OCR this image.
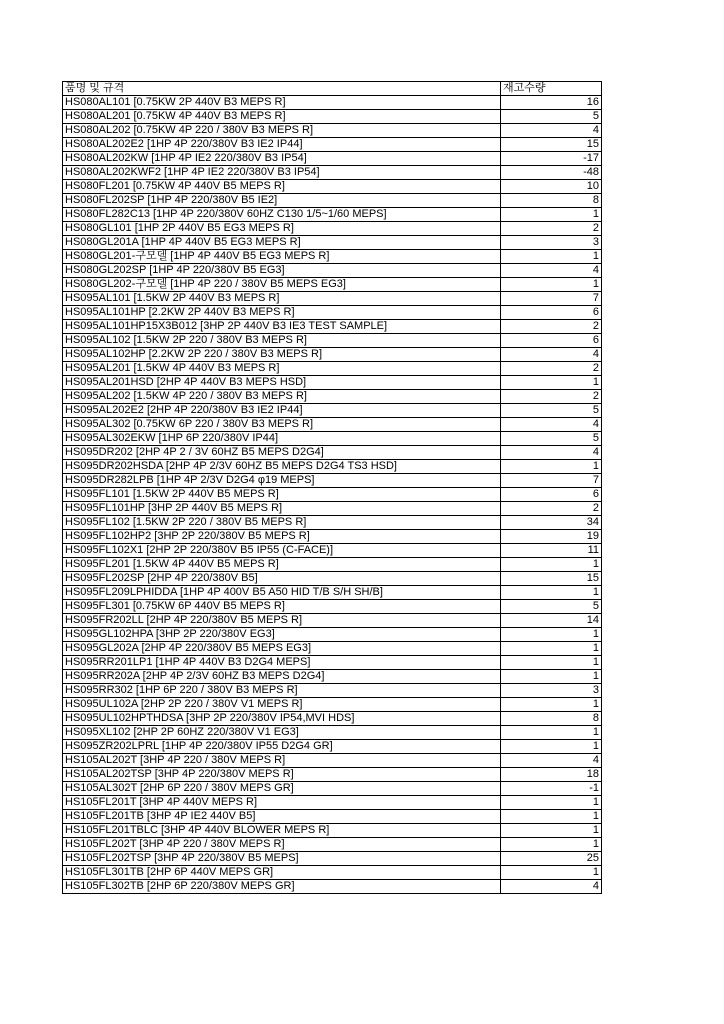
품명 및 규격	재고수량
HS080AL101 [0.75KW 2P 440V B3 MEPS R]	16
HS080AL201 [0.75KW 4P 440V B3 MEPS R]	5
HS080AL202 [0.75KW 4P 220 / 380V B3 MEPS R]	4
HS080AL202E2 [1HP 4P 220/380V B3 IE2 IP44]	15
HS080AL202KW [1HP 4P IE2 220/380V B3 IP54]	-17
HS080AL202KWF2 [1HP 4P IE2 220/380V B3 IP54]	-48
HS080FL201 [0.75KW 4P 440V B5 MEPS R]	10
HS080FL202SP [1HP 4P 220/380V B5 IE2]	8
HS080FL282C13 [1HP 4P 220/380V 60HZ C130 1/5~1/60 MEPS]	1
HS080GL101 [1HP 2P 440V B5 EG3 MEPS R]	2
HS080GL201A [1HP 4P 440V B5 EG3 MEPS R]	3
HS080GL201-구모델 [1HP 4P 440V B5 EG3 MEPS R]	1
HS080GL202SP [1HP 4P 220/380V B5 EG3]	4
HS080GL202-구모델 [1HP 4P 220 / 380V B5 MEPS EG3]	1
HS095AL101 [1.5KW 2P 440V B3 MEPS R]	7
HS095AL101HP [2.2KW 2P 440V B3 MEPS R]	6
HS095AL101HP15X3B012 [3HP 2P 440V B3 IE3 TEST SAMPLE]	2
HS095AL102 [1.5KW 2P 220 / 380V B3 MEPS R]	6
HS095AL102HP [2.2KW 2P 220 / 380V B3 MEPS R]	4
HS095AL201 [1.5KW 4P 440V B3 MEPS R]	2
HS095AL201HSD [2HP 4P 440V B3 MEPS HSD]	1
HS095AL202 [1.5KW 4P 220 / 380V B3 MEPS R]	2
HS095AL202E2 [2HP 4P 220/380V B3 IE2 IP44]	5
HS095AL302 [0.75KW 6P 220 / 380V B3 MEPS R]	4
HS095AL302EKW [1HP 6P 220/380V IP44]	5
HS095DR202 [2HP 4P 2 / 3V 60HZ B5 MEPS D2G4]	4
HS095DR202HSDA [2HP 4P 2/3V 60HZ B5 MEPS D2G4 TS3 HSD]	1
HS095DR282LPB [1HP 4P 2/3V D2G4 φ19 MEPS]	7
HS095FL101 [1.5KW 2P 440V B5 MEPS R]	6
HS095FL101HP [3HP 2P 440V B5 MEPS R]	2
HS095FL102 [1.5KW 2P 220 / 380V B5 MEPS R]	34
HS095FL102HP2 [3HP 2P 220/380V B5 MEPS R]	19
HS095FL102X1 [2HP 2P 220/380V B5 IP55 (C-FACE)]	11
HS095FL201 [1.5KW 4P 440V B5 MEPS R]	1
HS095FL202SP [2HP 4P 220/380V B5]	15
HS095FL209LPHIDDA [1HP 4P 400V B5 A50 HID T/B S/H SH/B]	1
HS095FL301 [0.75KW 6P 440V B5 MEPS R]	5
HS095FR202LL [2HP 4P 220/380V B5 MEPS R]	14
HS095GL102HPA [3HP 2P 220/380V EG3]	1
HS095GL202A [2HP 4P 220/380V B5 MEPS EG3]	1
HS095RR201LP1 [1HP 4P 440V B3 D2G4 MEPS]	1
HS095RR202A [2HP 4P 2/3V 60HZ B3 MEPS D2G4]	1
HS095RR302 [1HP 6P 220 / 380V B3 MEPS R]	3
HS095UL102A [2HP 2P 220 / 380V V1 MEPS R]	1
HS095UL102HPTHDSA [3HP 2P 220/380V IP54,MVI HDS]	8
HS095XL102 [2HP 2P 60HZ 220/380V V1 EG3]	1
HS095ZR202LPRL [1HP 4P 220/380V IP55 D2G4 GR]	1
HS105AL202T [3HP 4P 220 / 380V MEPS R]	4
HS105AL202TSP [3HP 4P 220/380V MEPS R]	18
HS105AL302T [2HP 6P 220 / 380V MEPS GR]	-1
HS105FL201T [3HP 4P 440V MEPS R]	1
HS105FL201TB [3HP 4P IE2 440V B5]	1
HS105FL201TBLC [3HP 4P 440V BLOWER MEPS R]	1
HS105FL202T [3HP 4P 220 / 380V MEPS R]	1
HS105FL202TSP [3HP 4P 220/380V B5 MEPS]	25
HS105FL301TB [2HP 6P 440V MEPS GR]	1
HS105FL302TB [2HP 6P 220/380V MEPS GR]	4
